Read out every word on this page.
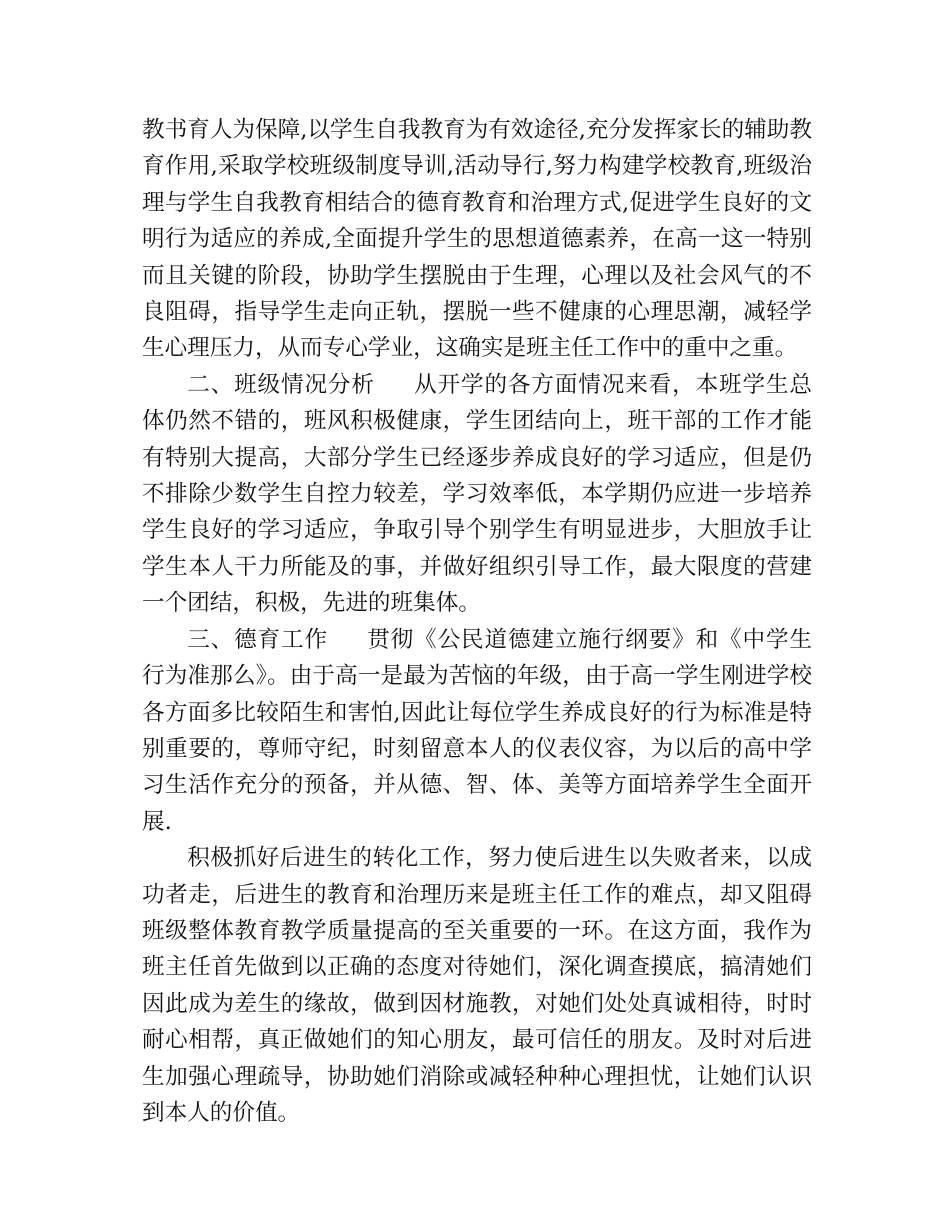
教书育人为保障,以学生自我教育为有效途径,充分发挥家长的辅助教育作用,采取学校班级制度导训,活动导行,努力构建学校教育,班级治理与学生自我教育相结合的德育教育和治理方式,促进学生良好的文明行为适应的养成,全面提升学生的思想道德素养，在高一这一特别而且关键的阶段，协助学生摆脱由于生理，心理以及社会风气的不良阻碍，指导学生走向正轨，摆脱一些不健康的心理思潮，减轻学生心理压力，从而专心学业，这确实是班主任工作中的重中之重。

二、班级情况分析 从开学的各方面情况来看，本班学生总体仍然不错的，班风积极健康，学生团结向上，班干部的工作才能有特别大提高，大部分学生已经逐步养成良好的学习适应，但是仍不排除少数学生自控力较差，学习效率低，本学期仍应进一步培养学生良好的学习适应，争取引导个别学生有明显进步，大胆放手让学生本人干力所能及的事，并做好组织引导工作，最大限度的营建一个团结，积极，先进的班集体。

三、德育工作 贯彻《公民道德建立施行纲要》和《中学生行为准那么》。由于高一是最为苦恼的年级，由于高一学生刚进学校各方面多比较陌生和害怕,因此让每位学生养成良好的行为标准是特别重要的，尊师守纪，时刻留意本人的仪表仪容，为以后的高中学习生活作充分的预备，并从德、智、体、美等方面培养学生全面开展.

积极抓好后进生的转化工作，努力使后进生以失败者来，以成功者走，后进生的教育和治理历来是班主任工作的难点，却又阻碍班级整体教育教学质量提高的至关重要的一环。在这方面，我作为班主任首先做到以正确的态度对待她们，深化调查摸底，搞清她们因此成为差生的缘故，做到因材施教，对她们处处真诚相待，时时耐心相帮，真正做她们的知心朋友，最可信任的朋友。及时对后进生加强心理疏导，协助她们消除或减轻种种心理担忧，让她们认识到本人的价值。
